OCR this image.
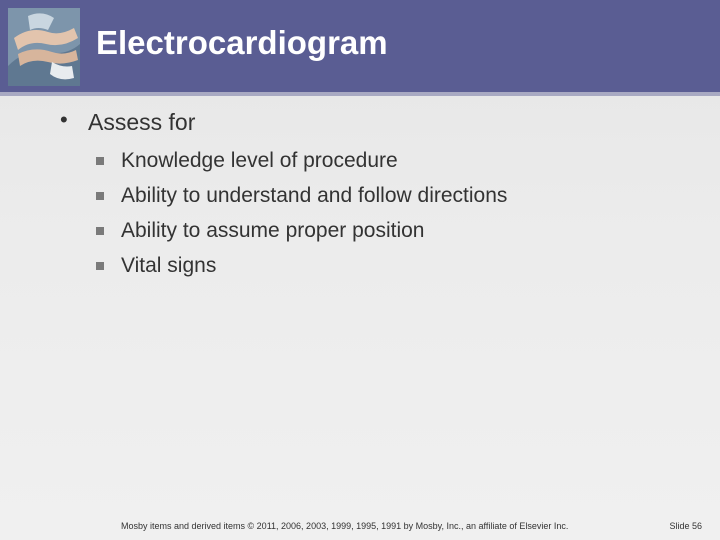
Electrocardiogram
• Assess for
Knowledge level of procedure
Ability to understand and follow directions
Ability to assume proper position
Vital signs
Mosby items and derived items © 2011, 2006, 2003, 1999, 1995, 1991 by Mosby, Inc., an affiliate of Elsevier Inc.	Slide 56
